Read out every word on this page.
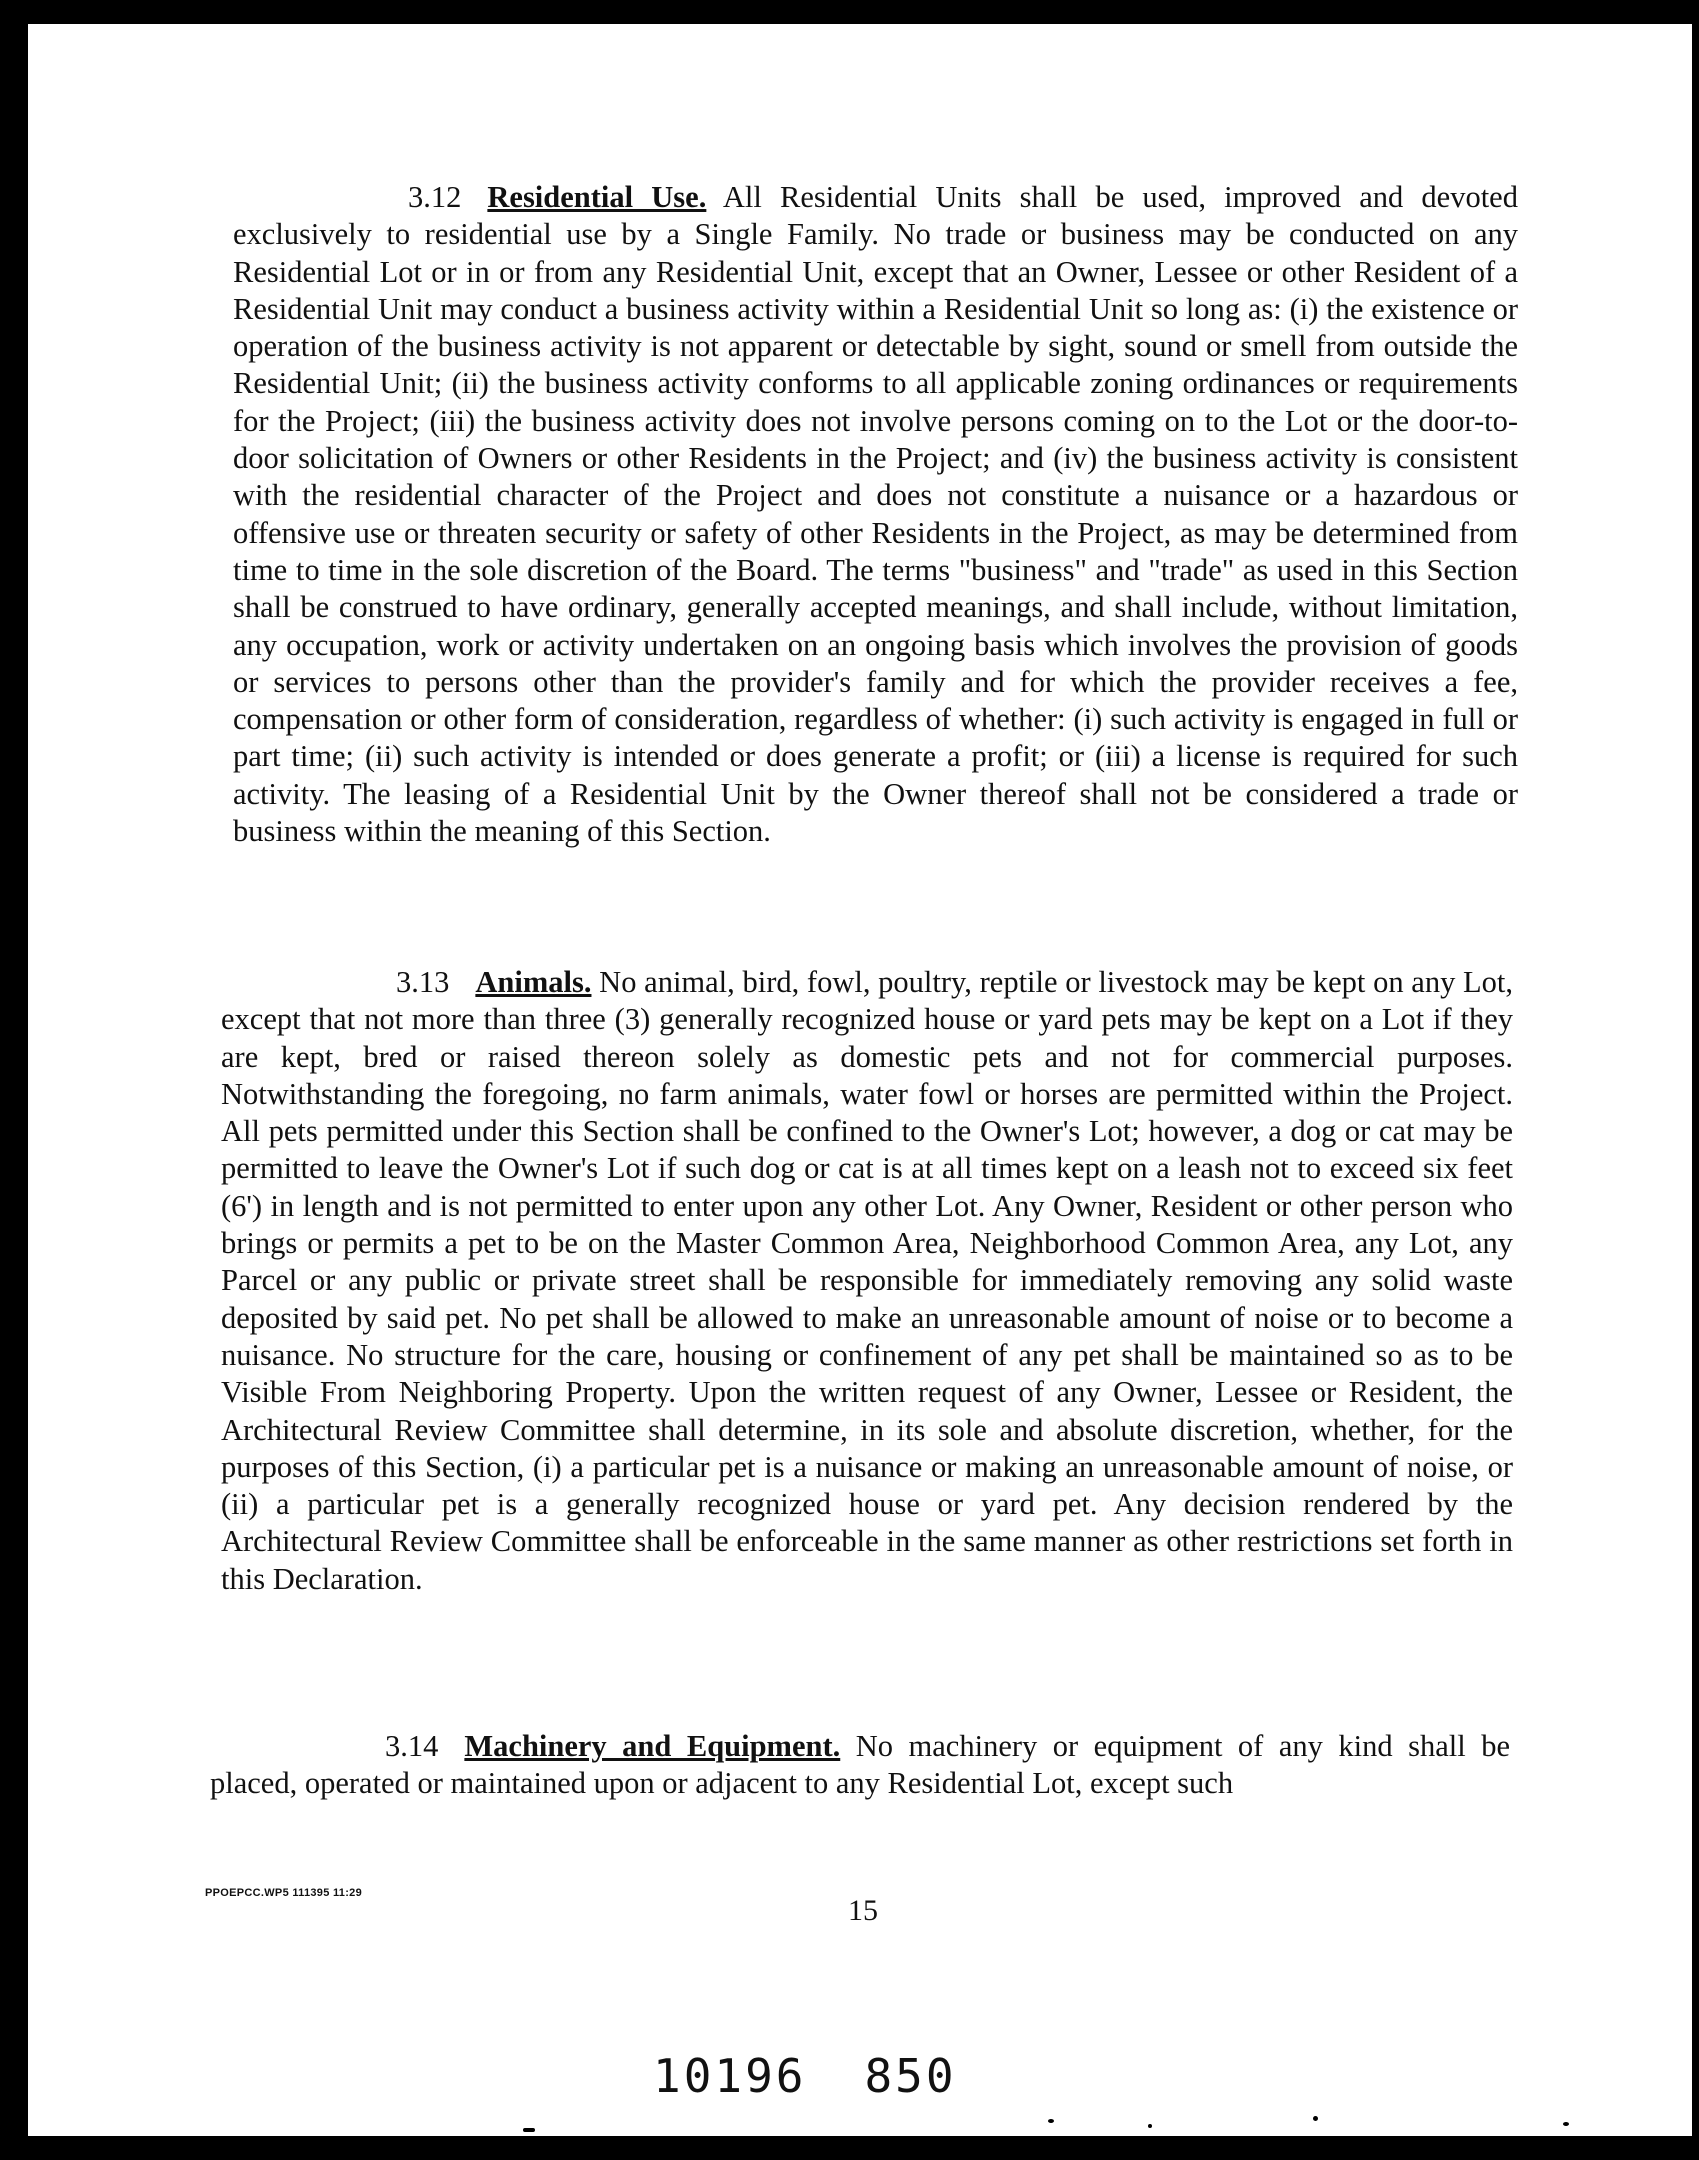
3.12 Residential Use. All Residential Units shall be used, improved and devoted exclusively to residential use by a Single Family. No trade or business may be conducted on any Residential Lot or in or from any Residential Unit, except that an Owner, Lessee or other Resident of a Residential Unit may conduct a business activity within a Residential Unit so long as: (i) the existence or operation of the business activity is not apparent or detectable by sight, sound or smell from outside the Residential Unit; (ii) the business activity conforms to all applicable zoning ordinances or requirements for the Project; (iii) the business activity does not involve persons coming on to the Lot or the door-to-door solicitation of Owners or other Residents in the Project; and (iv) the business activity is consistent with the residential character of the Project and does not constitute a nuisance or a hazardous or offensive use or threaten security or safety of other Residents in the Project, as may be determined from time to time in the sole discretion of the Board. The terms "business" and "trade" as used in this Section shall be construed to have ordinary, generally accepted meanings, and shall include, without limitation, any occupation, work or activity undertaken on an ongoing basis which involves the provision of goods or services to persons other than the provider's family and for which the provider receives a fee, compensation or other form of consideration, regardless of whether: (i) such activity is engaged in full or part time; (ii) such activity is intended or does generate a profit; or (iii) a license is required for such activity. The leasing of a Residential Unit by the Owner thereof shall not be considered a trade or business within the meaning of this Section.

3.13 Animals. No animal, bird, fowl, poultry, reptile or livestock may be kept on any Lot, except that not more than three (3) generally recognized house or yard pets may be kept on a Lot if they are kept, bred or raised thereon solely as domestic pets and not for commercial purposes. Notwithstanding the foregoing, no farm animals, water fowl or horses are permitted within the Project. All pets permitted under this Section shall be confined to the Owner's Lot; however, a dog or cat may be permitted to leave the Owner's Lot if such dog or cat is at all times kept on a leash not to exceed six feet (6') in length and is not permitted to enter upon any other Lot. Any Owner, Resident or other person who brings or permits a pet to be on the Master Common Area, Neighborhood Common Area, any Lot, any Parcel or any public or private street shall be responsible for immediately removing any solid waste deposited by said pet. No pet shall be allowed to make an unreasonable amount of noise or to become a nuisance. No structure for the care, housing or confinement of any pet shall be maintained so as to be Visible From Neighboring Property. Upon the written request of any Owner, Lessee or Resident, the Architectural Review Committee shall determine, in its sole and absolute discretion, whether, for the purposes of this Section, (i) a particular pet is a nuisance or making an unreasonable amount of noise, or (ii) a particular pet is a generally recognized house or yard pet. Any decision rendered by the Architectural Review Committee shall be enforceable in the same manner as other restrictions set forth in this Declaration.

3.14 Machinery and Equipment. No machinery or equipment of any kind shall be placed, operated or maintained upon or adjacent to any Residential Lot, except such

PPOEPCC.WP5 111395 11:29
15
10196 850
